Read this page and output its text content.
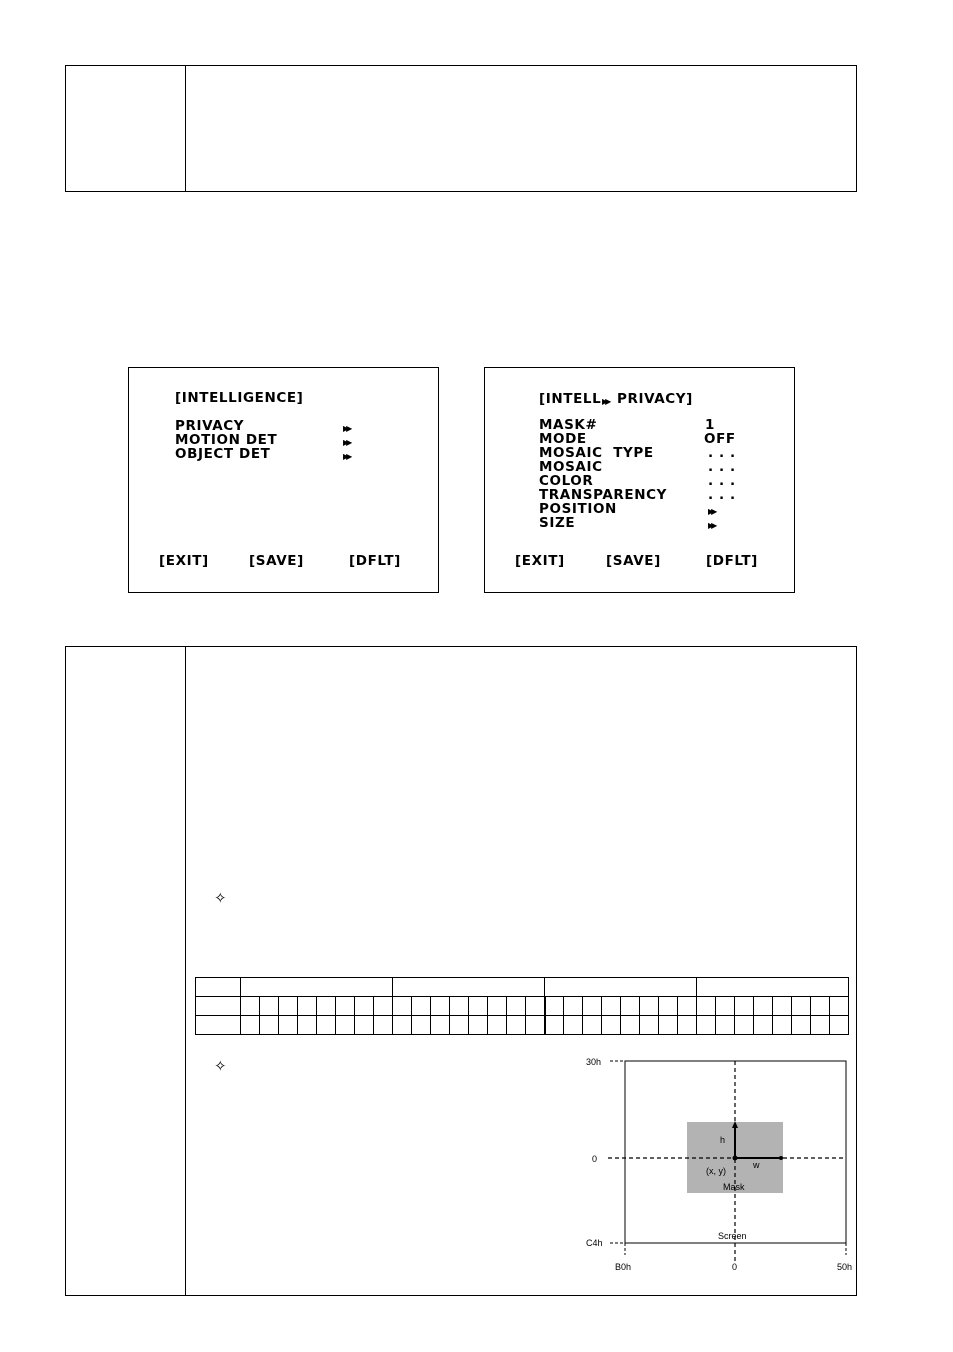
[INTELLIGENCE]
PRIVACY
MOTION DET
OBJECT DET
▶▶
▶▶
▶▶
[EXIT]	[SAVE]	[DFLT]
[INTELL
▶▶ PRIVACY]
MASK#
MODE
MOSAIC  TYPE
MOSAIC
COLOR
TRANSPARENCY
POSITION
SIZE
1
OFF
. . .
. . .
. . .
. . .
▶▶
▶▶
[EXIT]	[SAVE]	[DFLT]
✧
✧

																																	30h
0
C4h
B0h	0	50h
h
w
(x, y)
Mask
Screen
